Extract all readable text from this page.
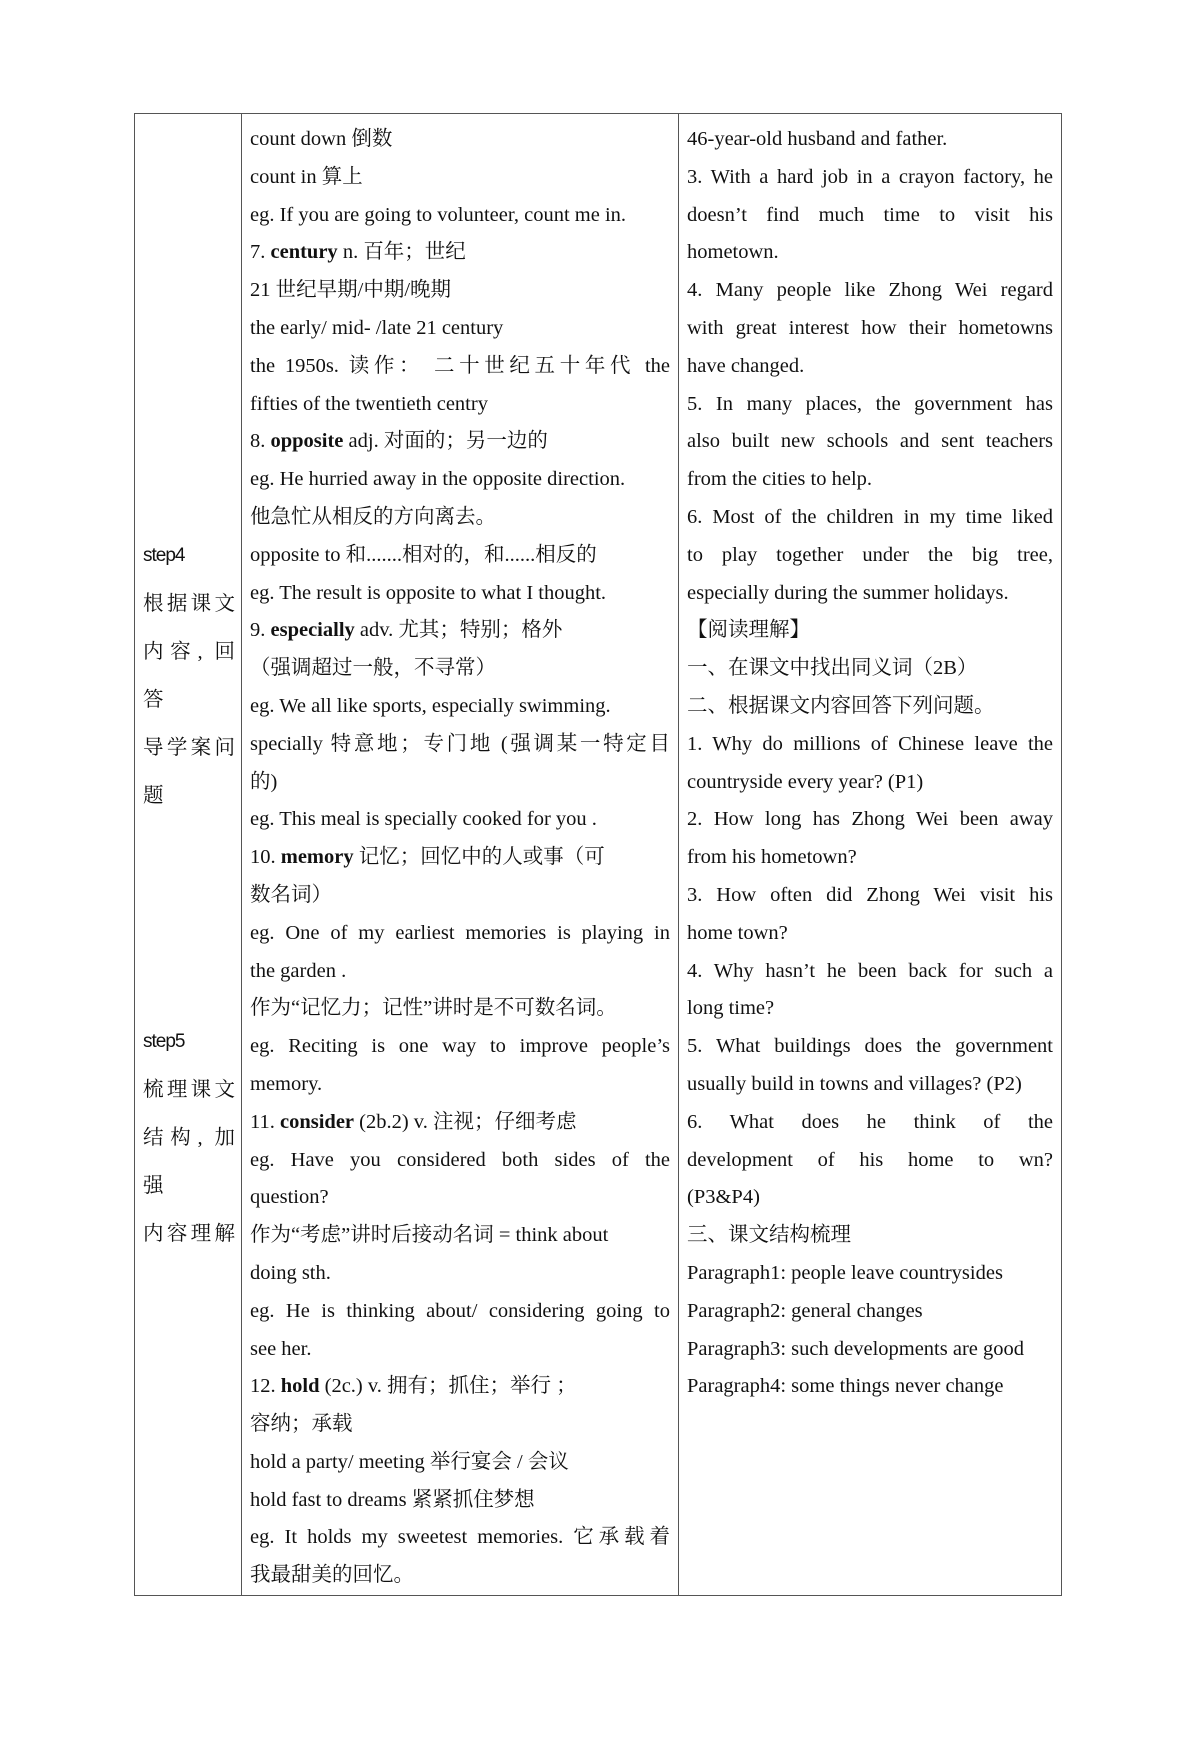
step4
根据课文
内容, 回答
导学案问
题
step5
梳理课文
结构, 加强
内容理解

count down 倒数
count in 算上
eg. If you are going to volunteer, count me in.
7. century n. 百年；世纪
21 世纪早期/中期/晚期
the early/ mid- /late 21 century
the 1950s. 读作： 二十世纪五十年代 the
fifties of the twentieth centry
8. opposite adj. 对面的；另一边的
eg. He hurried away in the opposite direction.
他急忙从相反的方向离去。
opposite to 和.......相对的，和......相反的
eg. The result is opposite to what I thought.
9. especially adv. 尤其；特别；格外
（强调超过一般，不寻常）
eg. We all like sports, especially swimming.
specially 特意地；专门地 (强调某一特定目
的)
eg. This meal is specially cooked for you .
10. memory 记忆；回忆中的人或事（可
数名词）
eg. One of my earliest memories is playing in
the garden .
作为“记忆力；记性”讲时是不可数名词。
eg. Reciting is one way to improve people’s
memory.
11. consider (2b.2) v. 注视；仔细考虑
eg. Have you considered both sides of the
question?
作为“考虑”讲时后接动名词 = think about
doing sth.
eg. He is thinking about/ considering going to
see her.
12. hold (2c.) v. 拥有；抓住；举行 ；
容纳；承载
hold a party/ meeting 举行宴会 / 会议
hold fast to dreams 紧紧抓住梦想
eg. It holds my sweetest memories. 它承载着
我最甜美的回忆。

46-year-old husband and father.
3. With a hard job in a crayon factory, he
doesn’t find much time to visit his
hometown.
4. Many people like Zhong Wei regard
with great interest how their hometowns
have changed.
5. In many places, the government has
also built new schools and sent teachers
from the cities to help.
6. Most of the children in my time liked
to play together under the big tree,
especially during the summer holidays.
【阅读理解】
一、在课文中找出同义词（2B）
二、根据课文内容回答下列问题。
1. Why do millions of Chinese leave the
countryside every year? (P1)
2. How long has Zhong Wei been away
from his hometown?
3. How often did Zhong Wei visit his
home town?
4. Why hasn’t he been back for such a
long time?
5. What buildings does the government
usually build in towns and villages? (P2)
6. What does he think of the
development of his home to wn?
(P3&P4)
三、课文结构梳理
Paragraph1: people leave countrysides
Paragraph2: general changes
Paragraph3: such developments are good
Paragraph4: some things never change
